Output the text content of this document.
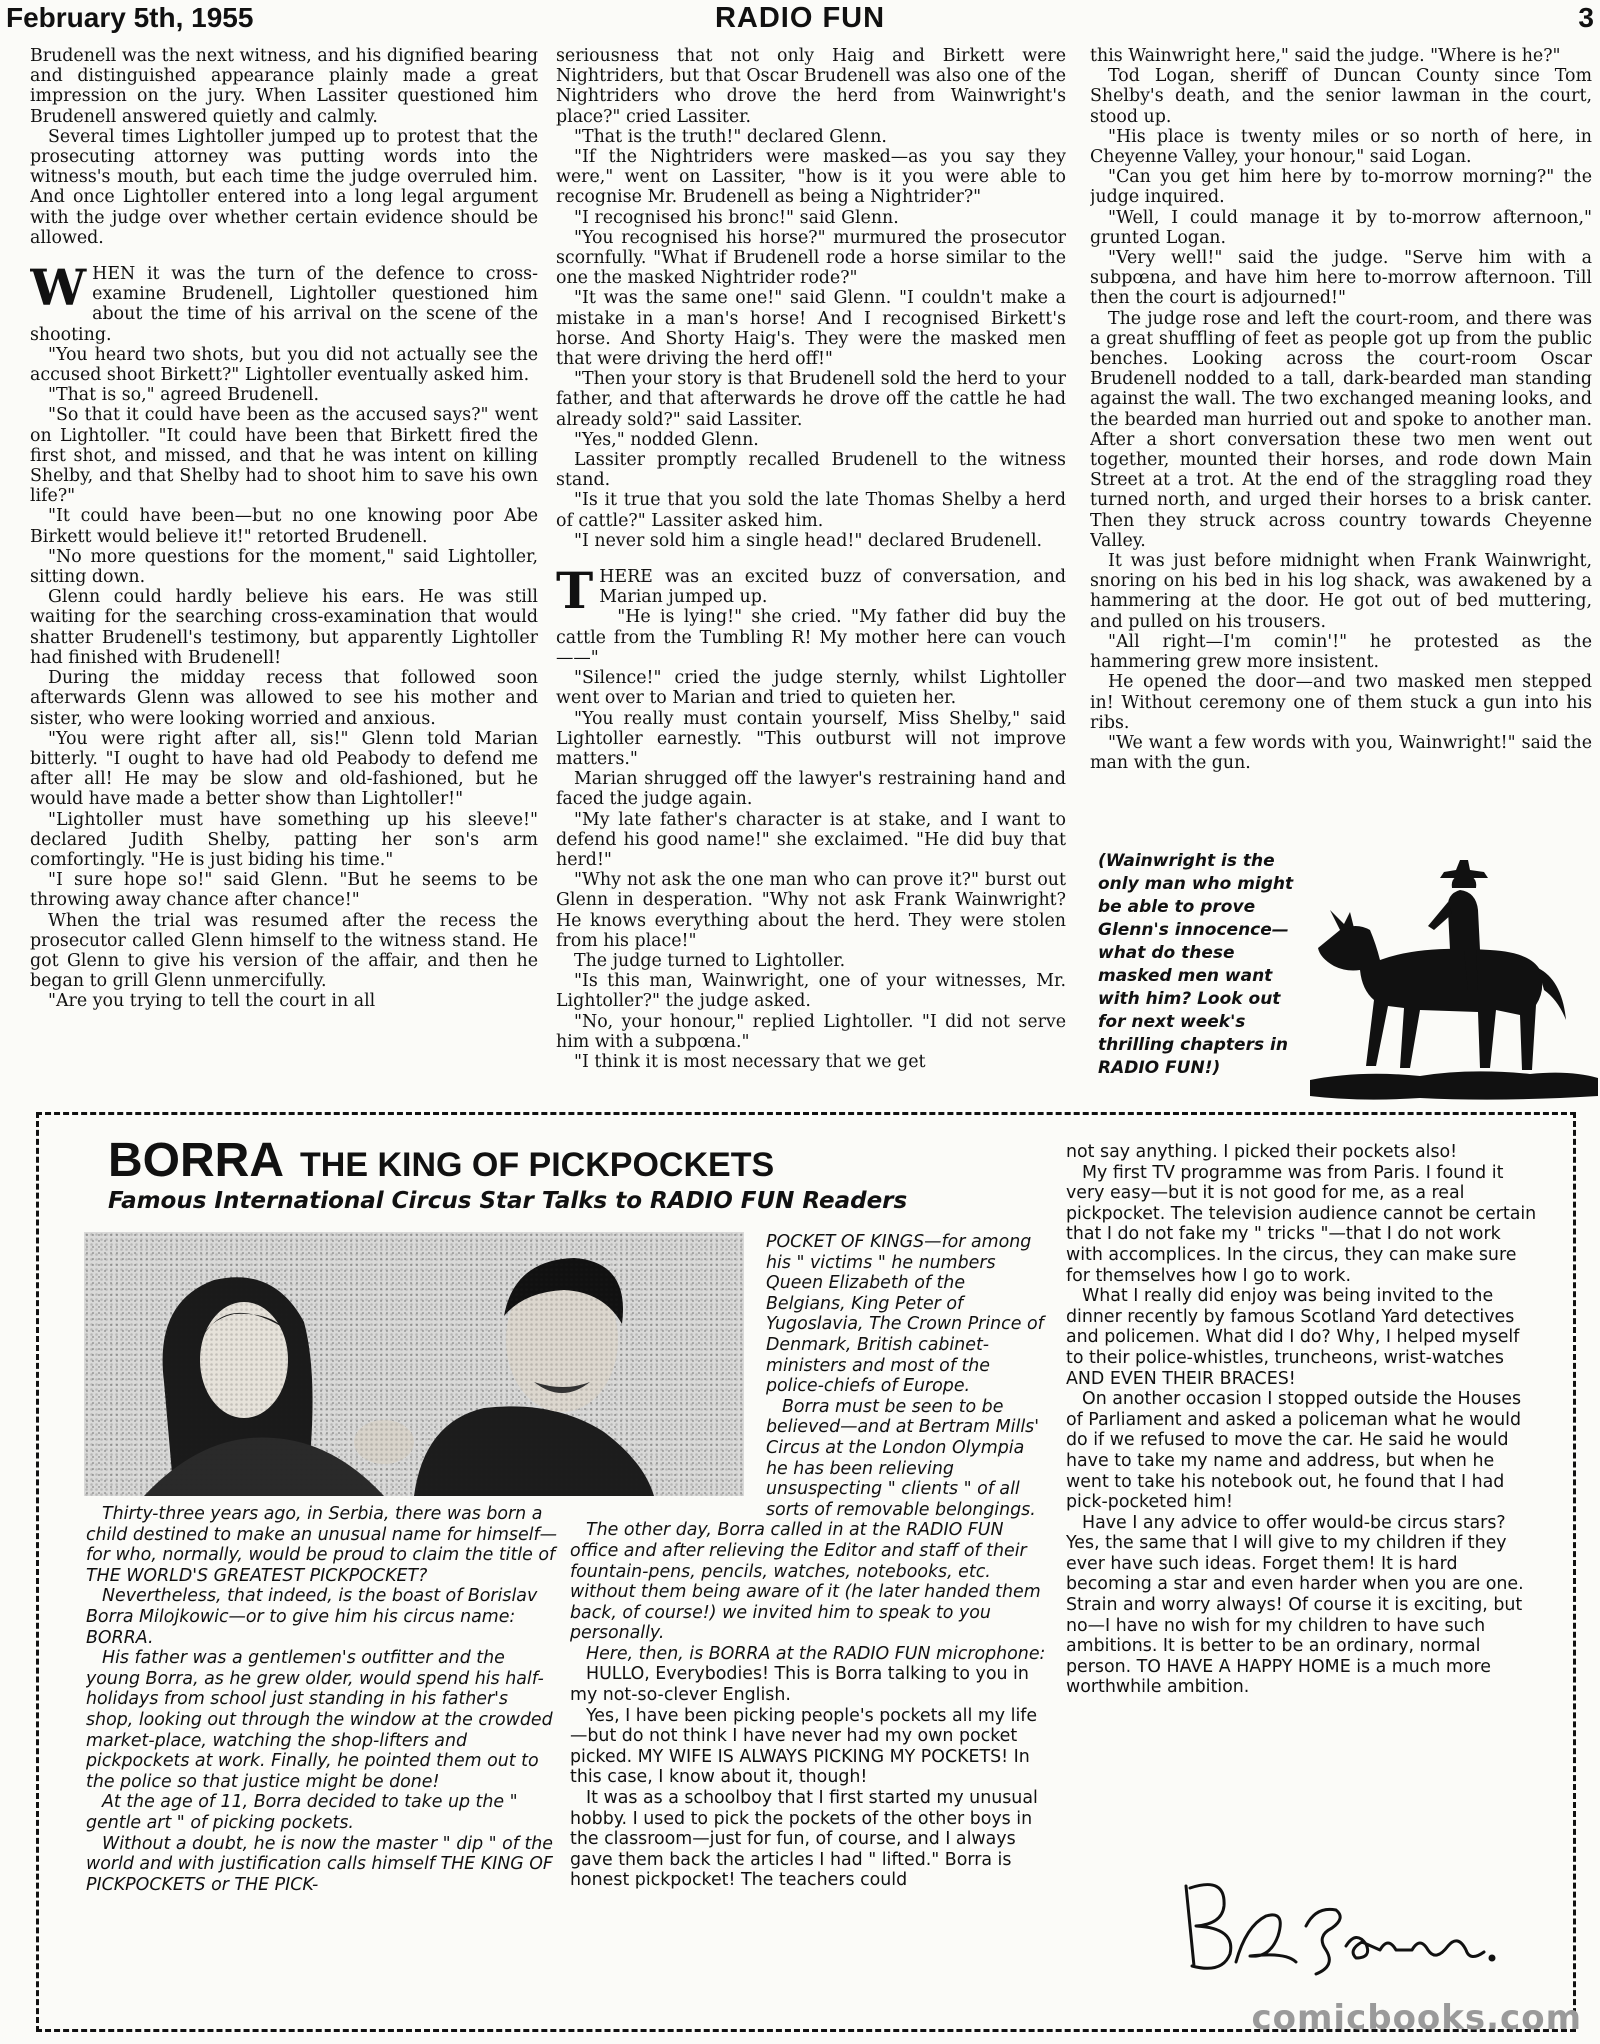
February 5th, 1955	RADIO FUN	3

Brudenell was the next witness, and his dignified bearing and distinguished appearance plainly made a great impression on the jury. When Lassiter questioned him Brudenell answered quietly and calmly.

Several times Lightoller jumped up to protest that the prosecuting attorney was putting words into the witness's mouth, but each time the judge overruled him. And once Lightoller entered into a long legal argument with the judge over whether certain evidence should be allowed.

WHEN it was the turn of the defence to cross-examine Brudenell, Lightoller questioned him about the time of his arrival on the scene of the shooting.

"You heard two shots, but you did not actually see the accused shoot Birkett?" Lightoller eventually asked him.

"That is so," agreed Brudenell.

"So that it could have been as the accused says?" went on Lightoller. "It could have been that Birkett fired the first shot, and missed, and that he was intent on killing Shelby, and that Shelby had to shoot him to save his own life?"

"It could have been—but no one knowing poor Abe Birkett would believe it!" retorted Brudenell.

"No more questions for the moment," said Lightoller, sitting down.

Glenn could hardly believe his ears. He was still waiting for the searching cross-examination that would shatter Brudenell's testimony, but apparently Lightoller had finished with Brudenell!

During the midday recess that followed soon afterwards Glenn was allowed to see his mother and sister, who were looking worried and anxious.

"You were right after all, sis!" Glenn told Marian bitterly. "I ought to have had old Peabody to defend me after all! He may be slow and old-fashioned, but he would have made a better show than Lightoller!"

"Lightoller must have something up his sleeve!" declared Judith Shelby, patting her son's arm comfortingly. "He is just biding his time."

"I sure hope so!" said Glenn. "But he seems to be throwing away chance after chance!"

When the trial was resumed after the recess the prosecutor called Glenn himself to the witness stand. He got Glenn to give his version of the affair, and then he began to grill Glenn unmercifully.

"Are you trying to tell the court in all

seriousness that not only Haig and Birkett were Nightriders, but that Oscar Brudenell was also one of the Nightriders who drove the herd from Wainwright's place?" cried Lassiter.

"That is the truth!" declared Glenn.

"If the Nightriders were masked—as you say they were," went on Lassiter, "how is it you were able to recognise Mr. Brudenell as being a Nightrider?"

"I recognised his bronc!" said Glenn.

"You recognised his horse?" murmured the prosecutor scornfully. "What if Brudenell rode a horse similar to the one the masked Nightrider rode?"

"It was the same one!" said Glenn. "I couldn't make a mistake in a man's horse! And I recognised Birkett's horse. And Shorty Haig's. They were the masked men that were driving the herd off!"

"Then your story is that Brudenell sold the herd to your father, and that afterwards he drove off the cattle he had already sold?" said Lassiter.

"Yes," nodded Glenn.

Lassiter promptly recalled Brudenell to the witness stand.

"Is it true that you sold the late Thomas Shelby a herd of cattle?" Lassiter asked him.

"I never sold him a single head!" declared Brudenell.

THERE was an excited buzz of conversation, and Marian jumped up.

"He is lying!" she cried. "My father did buy the cattle from the Tumbling R! My mother here can vouch——"

"Silence!" cried the judge sternly, whilst Lightoller went over to Marian and tried to quieten her.

"You really must contain yourself, Miss Shelby," said Lightoller earnestly. "This outburst will not improve matters."

Marian shrugged off the lawyer's restraining hand and faced the judge again.

"My late father's character is at stake, and I want to defend his good name!" she exclaimed. "He did buy that herd!"

"Why not ask the one man who can prove it?" burst out Glenn in desperation. "Why not ask Frank Wainwright? He knows everything about the herd. They were stolen from his place!"

The judge turned to Lightoller.

"Is this man, Wainwright, one of your witnesses, Mr. Lightoller?" the judge asked.

"No, your honour," replied Lightoller. "I did not serve him with a subpœna."

"I think it is most necessary that we get

this Wainwright here," said the judge. "Where is he?"

Tod Logan, sheriff of Duncan County since Tom Shelby's death, and the senior lawman in the court, stood up.

"His place is twenty miles or so north of here, in Cheyenne Valley, your honour," said Logan.

"Can you get him here by to-morrow morning?" the judge inquired.

"Well, I could manage it by to-morrow afternoon," grunted Logan.

"Very well!" said the judge. "Serve him with a subpœna, and have him here to-morrow afternoon. Till then the court is adjourned!"

The judge rose and left the court-room, and there was a great shuffling of feet as people got up from the public benches. Looking across the court-room Oscar Brudenell nodded to a tall, dark-bearded man standing against the wall. The two exchanged meaning looks, and the bearded man hurried out and spoke to another man. After a short conversation these two men went out together, mounted their horses, and rode down Main Street at a trot. At the end of the straggling road they turned north, and urged their horses to a brisk canter. Then they struck across country towards Cheyenne Valley.

It was just before midnight when Frank Wainwright, snoring on his bed in his log shack, was awakened by a hammering at the door. He got out of bed muttering, and pulled on his trousers.

"All right—I'm comin'!" he protested as the hammering grew more insistent.

He opened the door—and two masked men stepped in! Without ceremony one of them stuck a gun into his ribs.

"We want a few words with you, Wainwright!" said the man with the gun.

(Wainwright is the only man who might be able to prove Glenn's innocence—what do these masked men want with him? Look out for next week's thrilling chapters in RADIO FUN!)
BORRA THE KING OF PICKPOCKETS
Famous International Circus Star Talks to RADIO FUN Readers

Thirty-three years ago, in Serbia, there was born a child destined to make an unusual name for himself—for who, normally, would be proud to claim the title of THE WORLD'S GREATEST PICKPOCKET?

Nevertheless, that indeed, is the boast of Borislav Borra Milojkowic—or to give him his circus name: BORRA.

His father was a gentlemen's outfitter and the young Borra, as he grew older, would spend his half-holidays from school just standing in his father's shop, looking out through the window at the crowded market-place, watching the shop-lifters and pickpockets at work. Finally, he pointed them out to the police so that justice might be done!

At the age of 11, Borra decided to take up the " gentle art " of picking pockets.

Without a doubt, he is now the master " dip " of the world and with justification calls himself THE KING OF PICKPOCKETS or THE PICK-

POCKET OF KINGS—for among his " victims " he numbers Queen Elizabeth of the Belgians, King Peter of Yugoslavia, The Crown Prince of Denmark, British cabinet-ministers and most of the police-chiefs of Europe.

Borra must be seen to be believed—and at Bertram Mills' Circus at the London Olympia he has been relieving unsuspecting " clients " of all sorts of removable belongings.

The other day, Borra called in at the RADIO FUN office and after relieving the Editor and staff of their fountain-pens, pencils, watches, notebooks, etc. without them being aware of it (he later handed them back, of course!) we invited him to speak to you personally.

Here, then, is BORRA at the RADIO FUN microphone:

HULLO, Everybodies! This is Borra talking to you in my not-so-clever English.

Yes, I have been picking people's pockets all my life—but do not think I have never had my own pocket picked. MY WIFE IS ALWAYS PICKING MY POCKETS! In this case, I know about it, though!

It was as a schoolboy that I first started my unusual hobby. I used to pick the pockets of the other boys in the classroom—just for fun, of course, and I always gave them back the articles I had " lifted." Borra is honest pickpocket! The teachers could

not say anything. I picked their pockets also!

My first TV programme was from Paris. I found it very easy—but it is not good for me, as a real pickpocket. The television audience cannot be certain that I do not fake my " tricks "—that I do not work with accomplices. In the circus, they can make sure for themselves how I go to work.

What I really did enjoy was being invited to the dinner recently by famous Scotland Yard detectives and policemen. What did I do? Why, I helped myself to their police-whistles, truncheons, wrist-watches AND EVEN THEIR BRACES!

On another occasion I stopped outside the Houses of Parliament and asked a policeman what he would do if we refused to move the car. He said he would have to take my name and address, but when he went to take his notebook out, he found that I had pick-pocketed him!

Have I any advice to offer would-be circus stars? Yes, the same that I will give to my children if they ever have such ideas. Forget them! It is hard becoming a star and even harder when you are one. Strain and worry always! Of course it is exciting, but no—I have no wish for my children to have such ambitions. It is better to be an ordinary, normal person. TO HAVE A HAPPY HOME is a much more worthwhile ambition.

comicbooks.com
